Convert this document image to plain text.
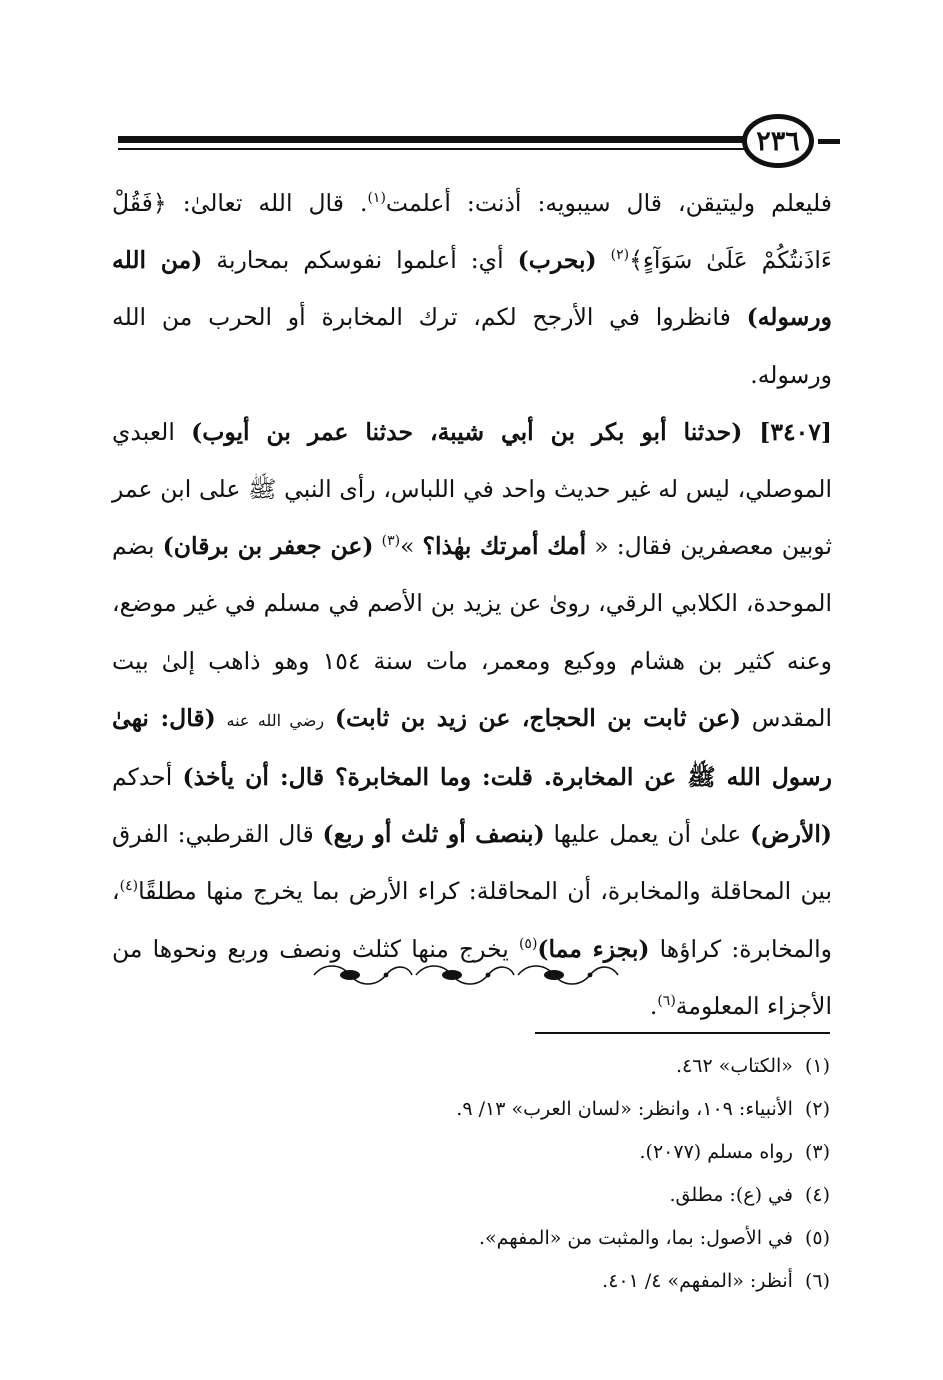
٢٣٦

فليعلم وليتيقن، قال سيبويه: أذنت: أعلمت$^{(١)}$. قال الله تعالىٰ: ﴿فَقُلْ ءَاذَنتُكُمْ عَلَىٰ سَوَآءٍ﴾$^{(٢)}$ (بحرب) أي: أعلموا نفوسكم بمحاربة (من الله ورسوله) فانظروا في الأرجح لكم، ترك المخابرة أو الحرب من الله ورسوله.

[٣٤٠٧] (حدثنا أبو بكر بن أبي شيبة، حدثنا عمر بن أيوب) العبدي الموصلي، ليس له غير حديث واحد في اللباس، رأى النبي ﷺ على ابن عمر ثوبين معصفرين فقال: « أمك أمرتك بهٰذا؟ »$^{(٣)}$ (عن جعفر بن برقان) بضم الموحدة، الكلابي الرقي، روىٰ عن يزيد بن الأصم في مسلم في غير موضع، وعنه كثير بن هشام ووكيع ومعمر، مات سنة ١٥٤ وهو ذاهب إلىٰ بيت المقدس (عن ثابت بن الحجاج، عن زيد بن ثابت) رضي الله عنه (قال: نهىٰ رسول الله ﷺ عن المخابرة. قلت: وما المخابرة؟ قال: أن يأخذ) أحدكم (الأرض) علىٰ أن يعمل عليها (بنصف أو ثلث أو ربع) قال القرطبي: الفرق بين المحاقلة والمخابرة، أن المحاقلة: كراء الأرض بما يخرج منها مطلقًا$^{(٤)}$، والمخابرة: كراؤها (بجزء مما)$^{(٥)}$ يخرج منها كثلث ونصف وربع ونحوها من الأجزاء المعلومة$^{(٦)}$.

(١)«الكتاب» ٤٦٢.
(٢)الأنبياء: ١٠٩، وانظر: «لسان العرب» ١٣/ ٩.
(٣)رواه مسلم (٢٠٧٧).
(٤)في (ع): مطلق.
(٥)في الأصول: بما، والمثبت من «المفهم».
(٦)أنظر: «المفهم» ٤/ ٤٠١.
